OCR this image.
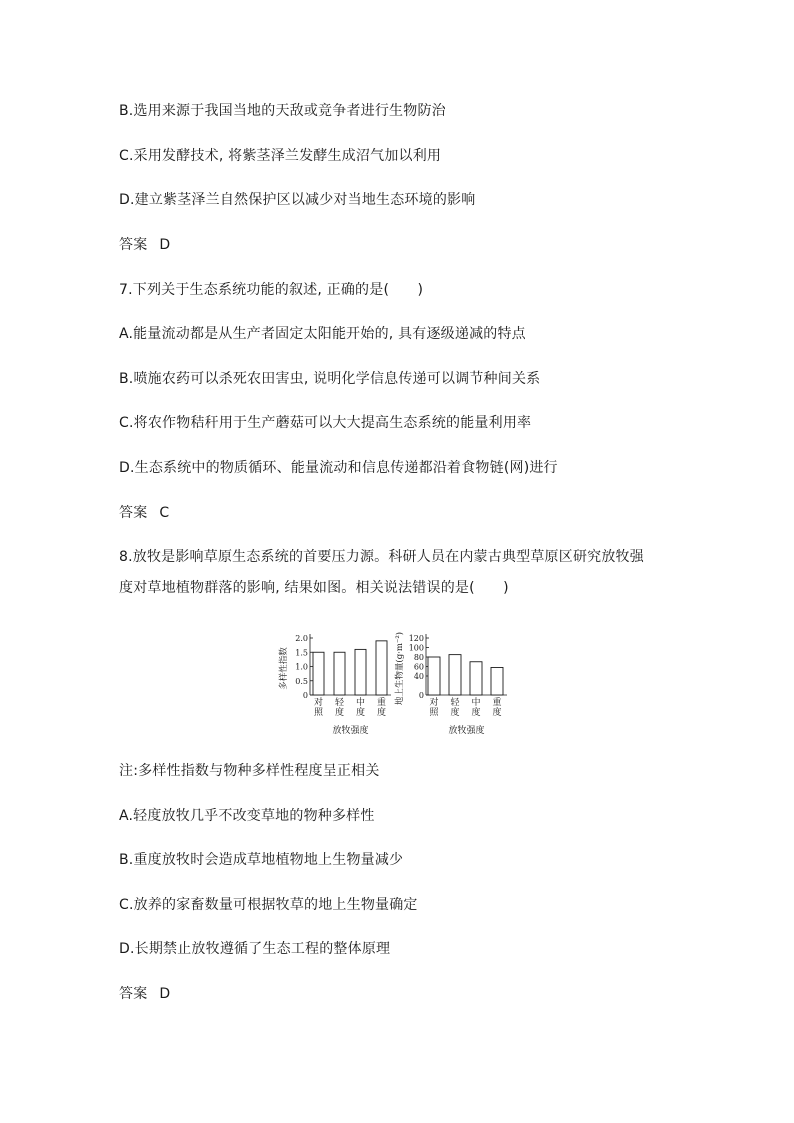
B.选用来源于我国当地的天敌或竞争者进行生物防治
C.采用发酵技术, 将紫茎泽兰发酵生成沼气加以利用
D.建立紫茎泽兰自然保护区以减少对当地生态环境的影响
答案 D
7.下列关于生态系统功能的叙述, 正确的是(　　)
A.能量流动都是从生产者固定太阳能开始的, 具有逐级递减的特点
B.喷施农药可以杀死农田害虫, 说明化学信息传递可以调节种间关系
C.将农作物秸秆用于生产蘑菇可以大大提高生态系统的能量利用率
D.生态系统中的物质循环、能量流动和信息传递都沿着食物链(网)进行
答案 C
8.放牧是影响草原生态系统的首要压力源。科研人员在内蒙古典型草原区研究放牧强
度对草地植物群落的影响, 结果如图。相关说法错误的是(　　)
0
0.5
1.0
1.5
2.0
对
照
轻
度
中
度
重
度
多样性指数
放牧强度
0
40
60
80
100
120
对
照
轻
度
中
度
重
度
地上生物量(g·m⁻²)
放牧强度
注:多样性指数与物种多样性程度呈正相关
A.轻度放牧几乎不改变草地的物种多样性
B.重度放牧时会造成草地植物地上生物量减少
C.放养的家畜数量可根据牧草的地上生物量确定
D.长期禁止放牧遵循了生态工程的整体原理
答案 D
